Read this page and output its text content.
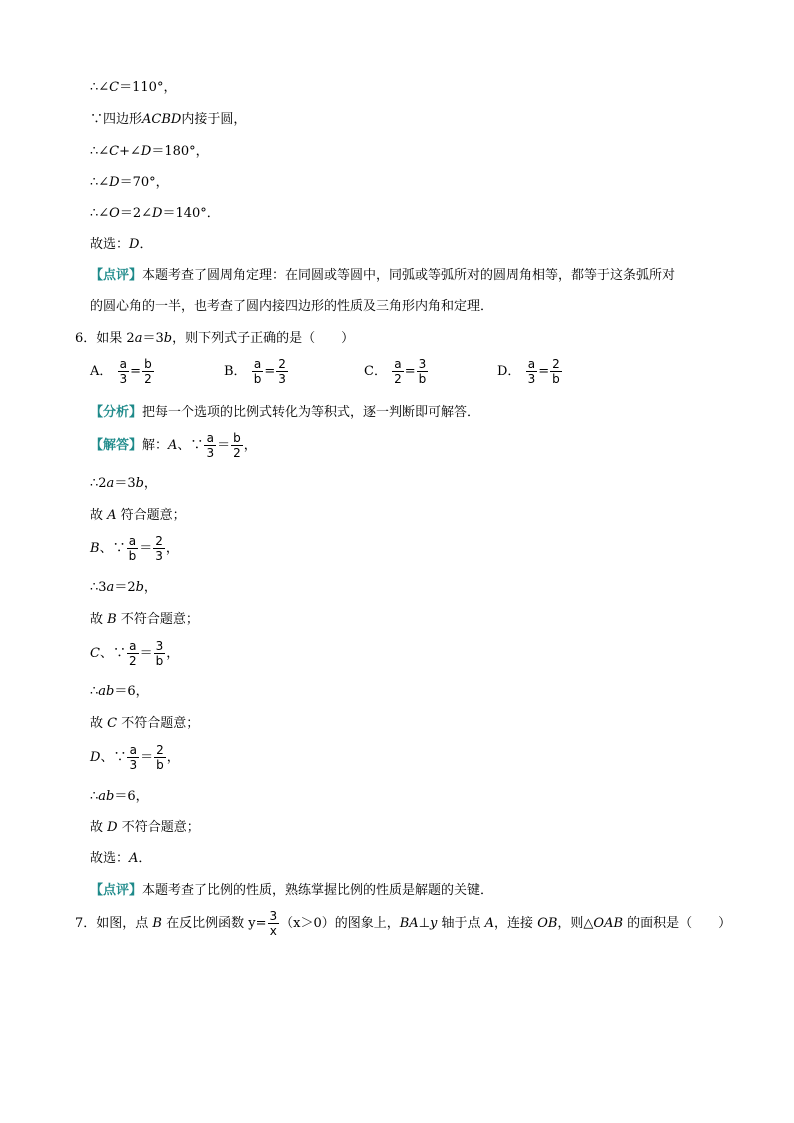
∴∠C＝110°，
∵四边形ACBD内接于圆，
∴∠C+∠D＝180°，
∴∠D＝70°，
∴∠O＝2∠D＝140°．
故选：D．
【点评】本题考查了圆周角定理：在同圆或等圆中，同弧或等弧所对的圆周角相等，都等于这条弧所对
的圆心角的一半，也考查了圆内接四边形的性质及三角形内角和定理．
6．如果 2a＝3b，则下列式子正确的是（　　）
A． $\frac{a}{3} = \frac{b}{2}$	B． $\frac{a}{b} = \frac{2}{3}$	C． $\frac{a}{2} = \frac{3}{b}$	D． $\frac{a}{3} = \frac{2}{b}$
【分析】把每一个选项的比例式转化为等积式，逐一判断即可解答．
【解答】解：A、∵ $\frac{a}{3} = \frac{b}{2}$ ，
∴2a＝3b，
故 A 符合题意；
B、∵ $\frac{a}{b} = \frac{2}{3}$ ，
∴3a＝2b，
故 B 不符合题意；
C、∵ $\frac{a}{2} = \frac{3}{b}$ ，
∴ab＝6，
故 C 不符合题意；
D、∵ $\frac{a}{3} = \frac{2}{b}$ ，
∴ab＝6，
故 D 不符合题意；
故选：A．
【点评】本题考查了比例的性质，熟练掌握比例的性质是解题的关键．
7．如图，点 B 在反比例函数 $y= \frac{3}{x} (x>0)$的图象上，BA⊥y 轴于点 A，连接 OB，则△OAB 的面积是（　　）
